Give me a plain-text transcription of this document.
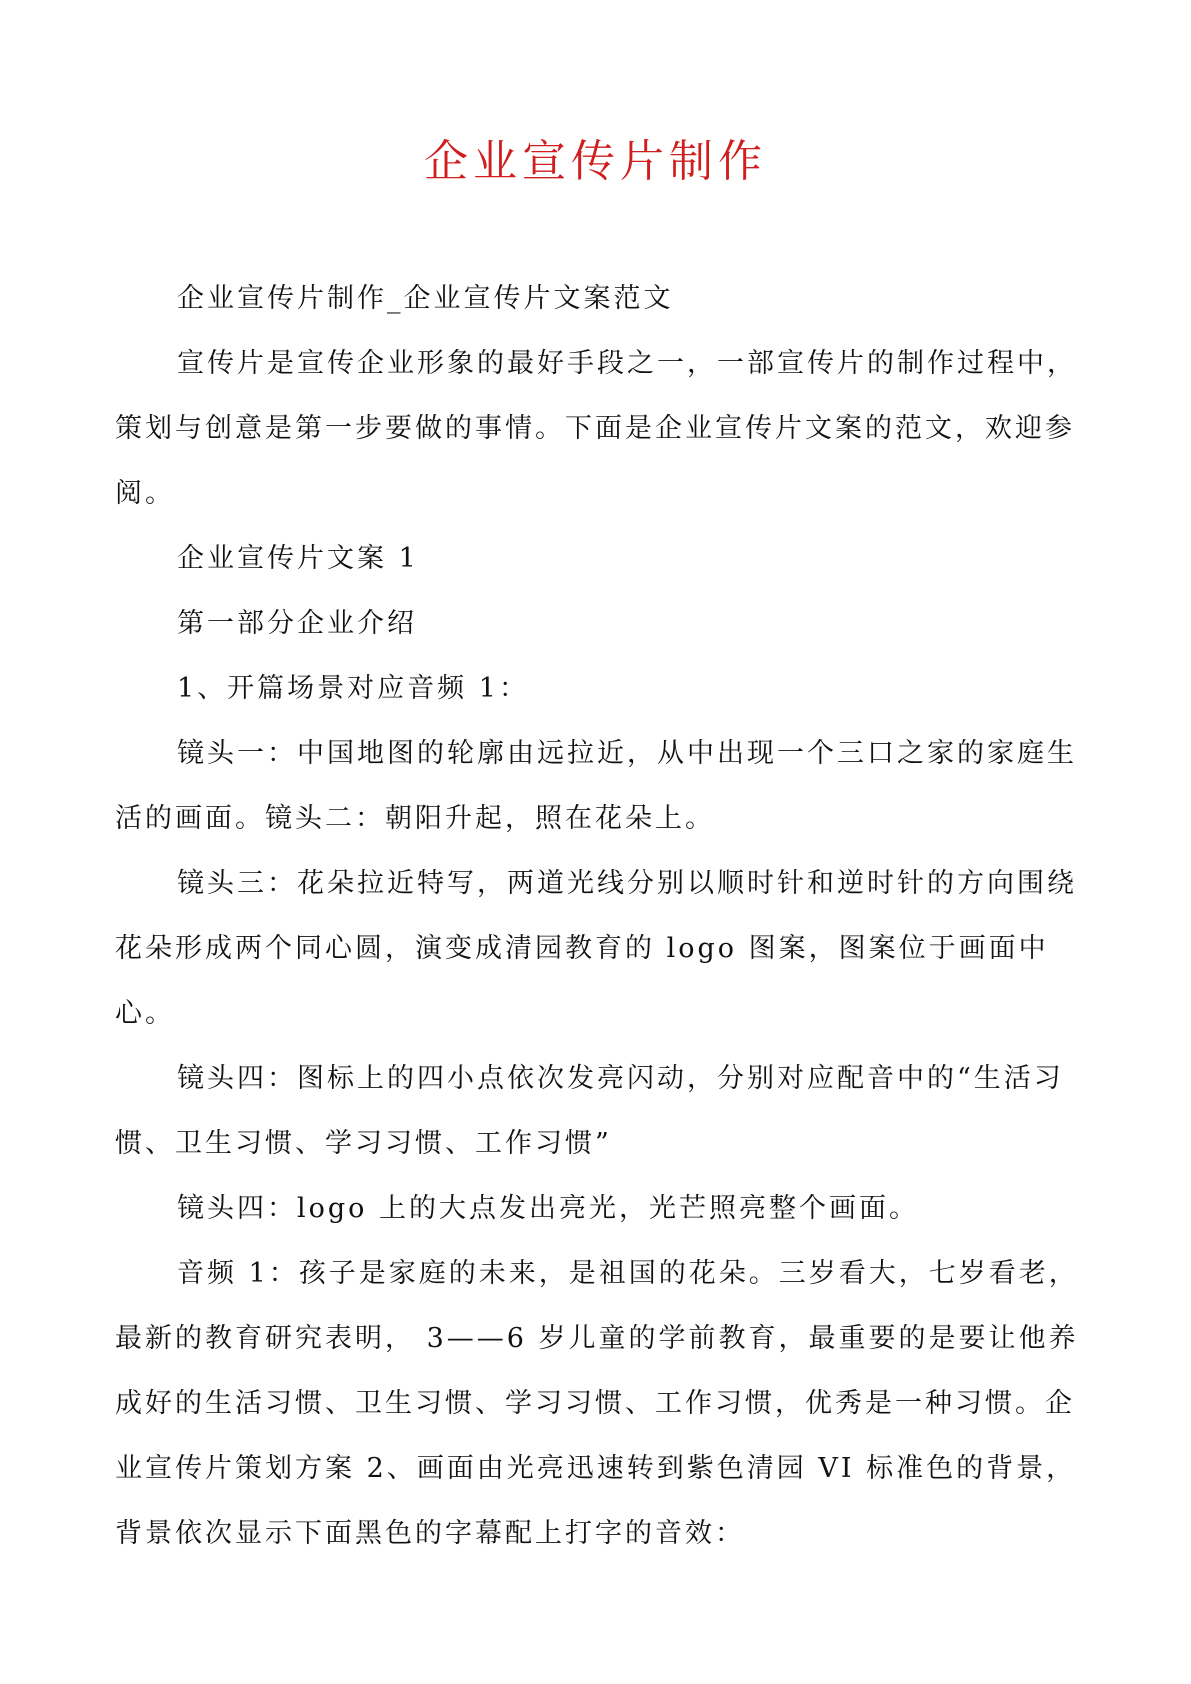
企业宣传片制作

企业宣传片制作_企业宣传片文案范文

宣传片是宣传企业形象的最好手段之一，一部宣传片的制作过程中，
策划与创意是第一步要做的事情。下面是企业宣传片文案的范文，欢迎参
阅。

企业宣传片文案 1

第一部分企业介绍

1、开篇场景对应音频 1：

镜头一：中国地图的轮廓由远拉近，从中出现一个三口之家的家庭生
活的画面。镜头二：朝阳升起，照在花朵上。

镜头三：花朵拉近特写，两道光线分别以顺时针和逆时针的方向围绕
花朵形成两个同心圆，演变成清园教育的 logo 图案，图案位于画面中
心。

镜头四：图标上的四小点依次发亮闪动，分别对应配音中的“生活习
惯、卫生习惯、学习习惯、工作习惯”

镜头四：logo 上的大点发出亮光，光芒照亮整个画面。

音频 1：孩子是家庭的未来，是祖国的花朵。三岁看大，七岁看老，
最新的教育研究表明， 3——6 岁儿童的学前教育，最重要的是要让他养
成好的生活习惯、卫生习惯、学习习惯、工作习惯，优秀是一种习惯。企
业宣传片策划方案 2、画面由光亮迅速转到紫色清园 VI 标准色的背景，
背景依次显示下面黑色的字幕配上打字的音效：
